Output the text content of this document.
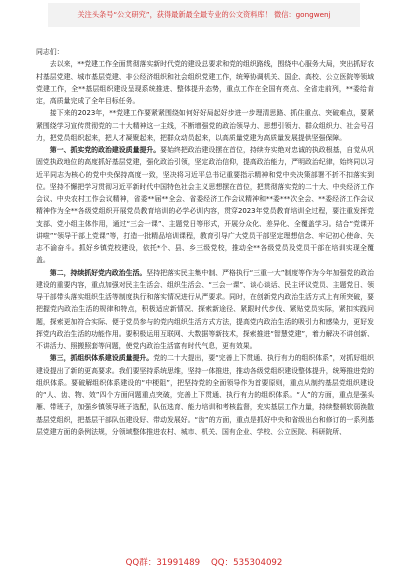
关注头条号“公文研究”，获得最新最全最专业的公文资料库！ 微信：gongwenj

同志们：

去以来，**党建工作全面贯彻落实新时代党的建设总要求和党的组织路线，围绕中心服务大局，突出抓好农村基层党建、城市基层党建、非公经济组织和社会组织党建工作，统筹协调机关、国企、高校、公立医院等领域党建工作，全**基层组织建设呈现系统推进、整体提升态势，重点工作在全国有亮点、全省走前列，**委给肯定，高质量完成了全年目标任务。

接下来的2023年，**党建工作要紧紧围绕如何好好局起好步进一步理清思路、抓住重点、突破难点，要紧紧围绕学习宣传贯彻党的二十大精神这一主线，不断增强党的政治领导力、思想引领力、群众组织力、社会号召力，把党员组织起来，把人才凝聚起来，把群众动员起来，以高质量党建为高质量发展提供坚强保障。

第一、抓实党的政治建设质量提升。要始终把政治建设摆在首位，持续夯实绝对忠诚的执政根基，自觉从巩固党执政地位的高度抓好基层党建，强化政治引领，坚定政治信仰，提高政治能力，严明政治纪律，始终同以习近平同志为核心的党中央保持高度一致，坚决将习近平总书记重要指示精神和党中央决策部署不折不扣落实到位。坚持不懈把学习贯彻习近平新时代中国特色社会主义思想摆在首位，把贯彻落实党的二十大、中央经济工作会议、中央农村工作会议精神，省委**届**全会、省委经济工作会议精神和**委***次全会、**委经济工作会议精神作为全**各级党组织开展党员教育培训的必学必训内容，贯穿2023年党员教育培训全过程，要注重发挥党支部、党小组主体作用，通过“三会一课”、主题党日等形式，开展分众化、差异化、全覆盖学习。结合“党课开讲啦”“领导干部上党课”等，打造一批精品培训课程，教育引导广大党员干部坚定理想信念、牢记初心使命、矢志不渝奋斗。抓好乡镇党校建设，依托*个、县、乡三级党校，推动全**各级党员及党员干部在培训实现全覆盖。

第二，持续抓好党内政治生活。坚持把落实民主集中制、严格执行“三重一大”制度等作为今年加强党的政治建设的重要内容，重点加强对民主生活会、组织生活会、“三会一课”、谈心谈话、民主评议党员、主题党日、领导干部带头落实组织生活等制度执行和落实情况进行从严要求。同时，在创新党内政治生活方式上有所突破，要把握党内政治生活的规律和特点，积极适应新情况、探索新途径、紧跟时代步伐、紧贴党员实际，紧扣实践问题，探索更加符合实际、便于党员参与的党内组织生活方式方法，提高党内政治生活的吸引力和感染力，更好发挥党内政治生活的功能作用。要积极运用互联网、大数据等新技术，探索推进“智慧党建”，着力解决不讲创新、不讲活力、照搬照套等问题，使党内政治生活富有时代气息，更有效果。

第三，抓组织体系建设质量提升。党的二十大提出，要“完善上下贯通、执行有力的组织体系”，对抓好组织建设提出了新的更高要求。我们要坚持系统思维，坚持一体推进，推动各级党组织建设整体提升，统筹推进党的组织体系。要破解组织体系建设的“中梗阻”，把坚持党的全面领导作为首要原则，重点从制约基层党组织建设的“人、齿、物、效”四个方面问题重点突破，完善上下贯通、执行有力的组织体系。“人”的方面，重点是强头雁、带班子，加强乡镇领导班子选配，队伍选育、能力培训和考核监督，充实基层工作力量，持续整顿软弱涣散基层党组织，把基层干部队伍建设好、带动发展好。“齿”的方面，重点是抓好中央和省级出台和修订的一系列基层党建方面的条例法规，分领域整体推进农村、城市、机关、国有企业、学校、公立医院、科研院所、

QQ群：31991489 QQ：535304092
